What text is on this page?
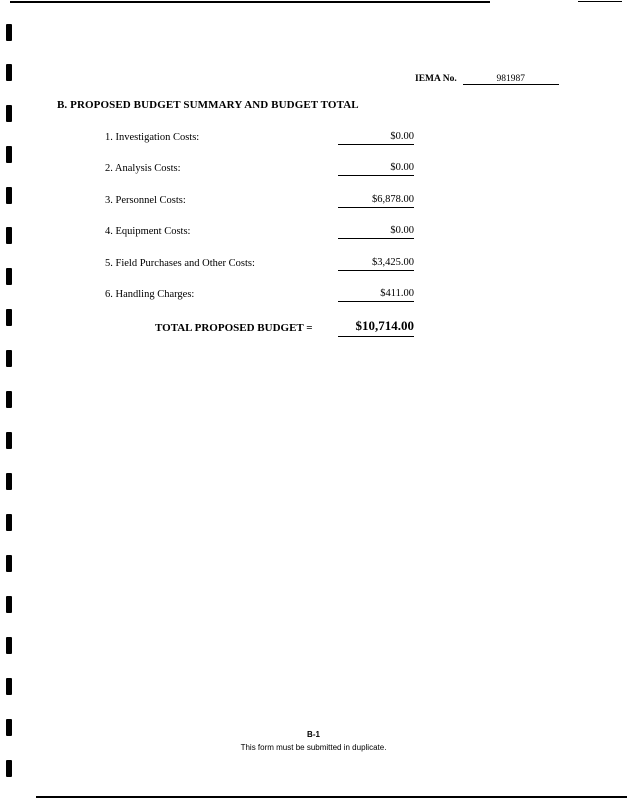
IEMA No.	981987
B. PROPOSED BUDGET SUMMARY AND BUDGET TOTAL
1. Investigation Costs:	$0.00
2. Analysis Costs:	$0.00
3. Personnel Costs:	$6,878.00
4. Equipment Costs:	$0.00
5. Field Purchases and Other Costs:	$3,425.00
6. Handling Charges:	$411.00
TOTAL PROPOSED BUDGET =	$10,714.00
B-1
This form must be submitted in duplicate.
